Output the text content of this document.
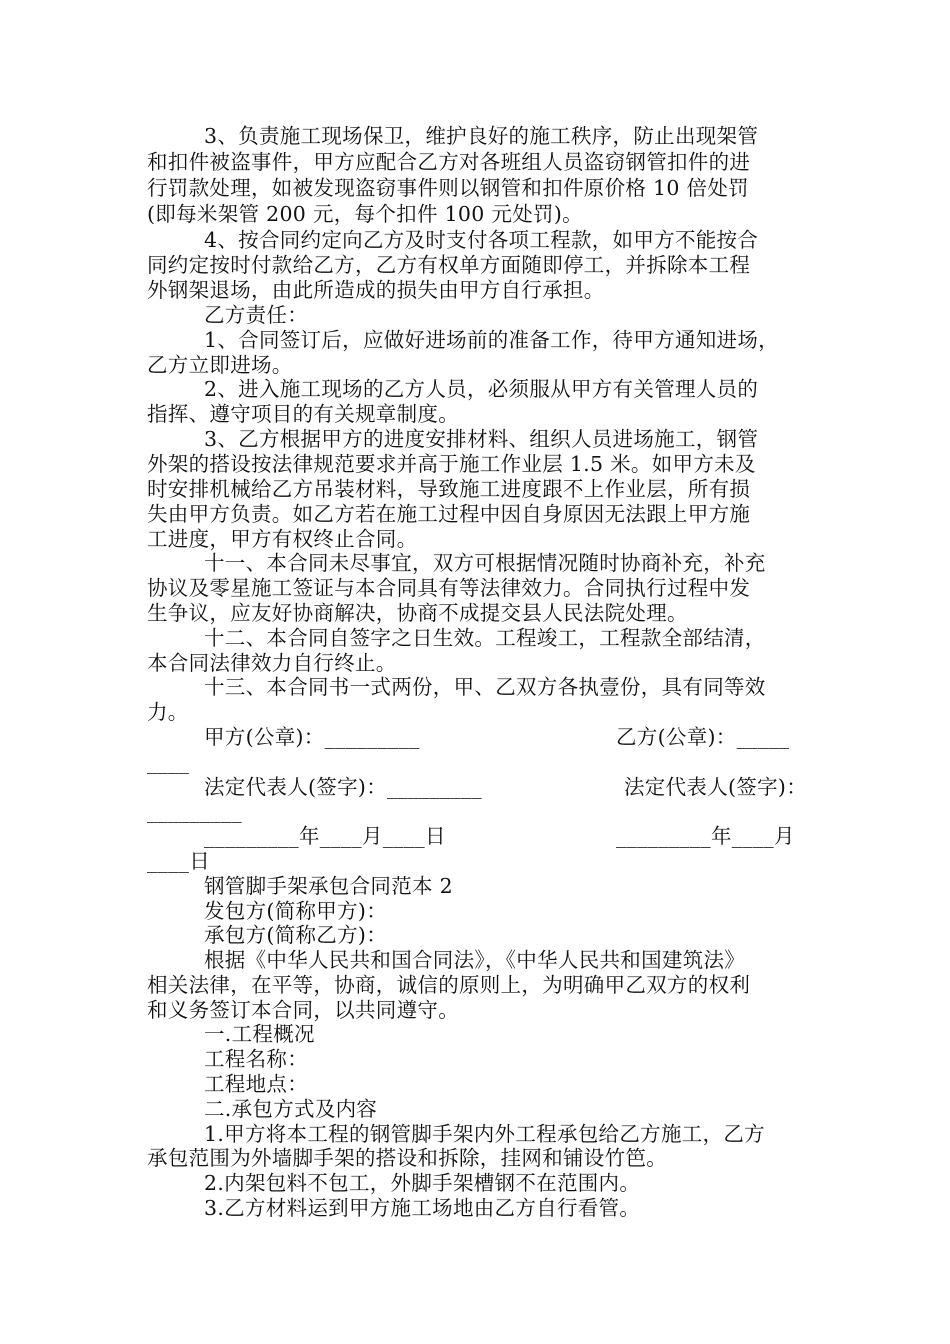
3、负责施工现场保卫，维护良好的施工秩序，防止出现架管
和扣件被盗事件，甲方应配合乙方对各班组人员盗窃钢管扣件的进
行罚款处理，如被发现盗窃事件则以钢管和扣件原价格 10 倍处罚
(即每米架管 200 元，每个扣件 100 元处罚)。
4、按合同约定向乙方及时支付各项工程款，如甲方不能按合
同约定按时付款给乙方，乙方有权单方面随即停工，并拆除本工程
外钢架退场，由此所造成的损失由甲方自行承担。
乙方责任：
1、合同签订后，应做好进场前的准备工作，待甲方通知进场，
乙方立即进场。
2、进入施工现场的乙方人员，必须服从甲方有关管理人员的
指挥、遵守项目的有关规章制度。
3、乙方根据甲方的进度安排材料、组织人员进场施工，钢管
外架的搭设按法律规范要求并高于施工作业层 1.5 米。如甲方未及
时安排机械给乙方吊装材料，导致施工进度跟不上作业层，所有损
失由甲方负责。如乙方若在施工过程中因自身原因无法跟上甲方施
工进度，甲方有权终止合同。
十一、本合同未尽事宜，双方可根据情况随时协商补充，补充
协议及零星施工签证与本合同具有等法律效力。合同执行过程中发
生争议，应友好协商解决，协商不成提交县人民法院处理。
十二、本合同自签字之日生效。工程竣工，工程款全部结清，
本合同法律效力自行终止。
十三、本合同书一式两份，甲、乙双方各执壹份，具有同等效
力。
甲方(公章)：_________	乙方(公章)：_____
____
法定代表人(签字)：_________	法定代表人(签字)：
_________
_________年____月____日	_________年____月
____日
钢管脚手架承包合同范本 2
发包方(简称甲方)：
承包方(简称乙方)：
根据《中华人民共和国合同法》，《中华人民共和国建筑法》
相关法律，在平等，协商，诚信的原则上，为明确甲乙双方的权利
和义务签订本合同，以共同遵守。
一.工程概况
工程名称：
工程地点：
二.承包方式及内容
1.甲方将本工程的钢管脚手架内外工程承包给乙方施工，乙方
承包范围为外墙脚手架的搭设和拆除，挂网和铺设竹笆。
2.内架包料不包工，外脚手架槽钢不在范围内。
3.乙方材料运到甲方施工场地由乙方自行看管。
